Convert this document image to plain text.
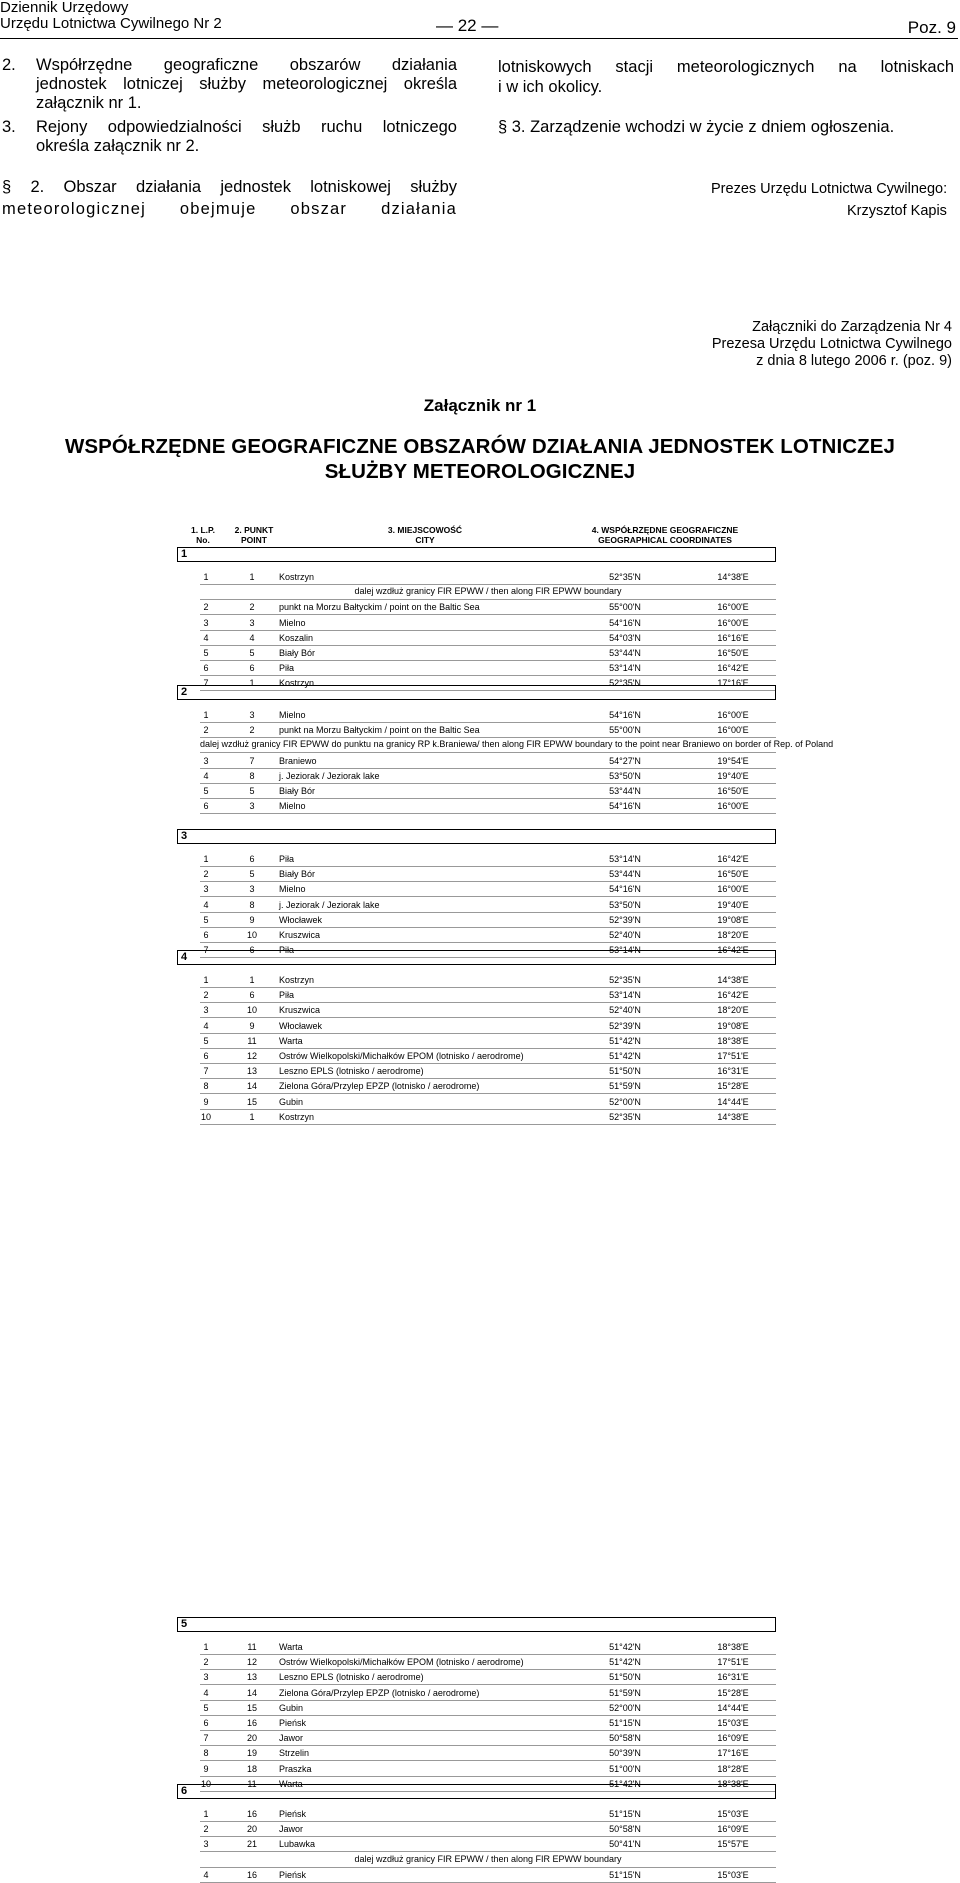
Dziennik Urzędowy
Urzędu Lotnictwa Cywilnego Nr 2	— 22 —	Poz. 9
2. Współrzędne geograficzne obszarów działania
jednostek lotniczej służby meteorologicznej określa
załącznik nr 1.
3. Rejony odpowiedzialności służb ruchu lotniczego
określa załącznik nr 2.
§ 2. Obszar działania jednostek lotniskowej służby
meteorologicznej obejmuje obszar działania
lotniskowych stacji meteorologicznych na lotniskach
i w ich okolicy.
§ 3. Zarządzenie wchodzi w życie z dniem ogłoszenia.
Prezes Urzędu Lotnictwa Cywilnego:
Krzysztof Kapis
Załączniki do Zarządzenia Nr 4
Prezesa Urzędu Lotnictwa Cywilnego
z dnia 8 lutego 2006 r. (poz. 9)
Załącznik nr 1
WSPÓŁRZĘDNE GEOGRAFICZNE OBSZARÓW DZIAŁANIA JEDNOSTEK LOTNICZEJ
SŁUŻBY METEOROLOGICZNEJ
1. L.P.
No.
2. PUNKT
POINT
3. MIEJSCOWOŚĆ
CITY
4. WSPÓŁRZĘDNE GEOGRAFICZNE
GEOGRAPHICAL COORDINATES
1
1	1	Kostrzyn	52°35'N	14°38'E
dalej wzdłuż granicy FIR EPWW / then along FIR EPWW boundary
2	2	punkt na Morzu Bałtyckim / point on the Baltic Sea	55°00'N	16°00'E
3	3	Mielno	54°16'N	16°00'E
4	4	Koszalin	54°03'N	16°16'E
5	5	Biały Bór	53°44'N	16°50'E
6	6	Piła	53°14'N	16°42'E
7	1	Kostrzyn	52°35'N	17°16'E
2
1	3	Mielno	54°16'N	16°00'E
2	2	punkt na Morzu Bałtyckim / point on the Baltic Sea	55°00'N	16°00'E
dalej wzdłuż granicy FIR EPWW do punktu na granicy RP k.Braniewa/ then along FIR EPWW boundary to the point near Braniewo on border of Rep. of Poland
3	7	Braniewo	54°27'N	19°54'E
4	8	j. Jeziorak / Jeziorak lake	53°50'N	19°40'E
5	5	Biały Bór	53°44'N	16°50'E
6	3	Mielno	54°16'N	16°00'E
3
1	6	Piła	53°14'N	16°42'E
2	5	Biały Bór	53°44'N	16°50'E
3	3	Mielno	54°16'N	16°00'E
4	8	j. Jeziorak / Jeziorak lake	53°50'N	19°40'E
5	9	Włocławek	52°39'N	19°08'E
6	10 Kruszwica	52°40'N	18°20'E
7	6	Piła	53°14'N	16°42'E
4
1	1	Kostrzyn	52°35'N	14°38'E
2	6	Piła	53°14'N	16°42'E
3	10 Kruszwica	52°40'N	18°20'E
4	9	Włocławek	52°39'N	19°08'E
5	11 Warta	51°42'N	18°38'E
6	12 Ostrów Wielkopolski/Michałków EPOM (lotnisko / aerodrome)	51°42'N	17°51'E
7	13 Leszno EPLS (lotnisko / aerodrome)	51°50'N	16°31'E
8	14 Zielona Góra/Przylep EPZP (lotnisko / aerodrome)	51°59'N	15°28'E
9	15 Gubin	52°00'N	14°44'E
10	1	Kostrzyn	52°35'N	14°38'E
5
1	11 Warta	51°42'N	18°38'E
2	12 Ostrów Wielkopolski/Michałków EPOM (lotnisko / aerodrome)	51°42'N	17°51'E
3	13 Leszno EPLS (lotnisko / aerodrome)	51°50'N	16°31'E
4	14 Zielona Góra/Przylep EPZP (lotnisko / aerodrome)	51°59'N	15°28'E
5	15 Gubin	52°00'N	14°44'E
6	16 Pieńsk	51°15'N	15°03'E
7	20 Jawor	50°58'N	16°09'E
8	19 Strzelin	50°39'N	17°16'E
9	18 Praszka	51°00'N	18°28'E
10	11 Warta	51°42'N	18°38'E
6
1	16 Pieńsk	51°15'N	15°03'E
2	20 Jawor	50°58'N	16°09'E
3	21 Lubawka	50°41'N	15°57'E
dalej wzdłuż granicy FIR EPWW / then along FIR EPWW boundary
4	16 Pieńsk	51°15'N	15°03'E
